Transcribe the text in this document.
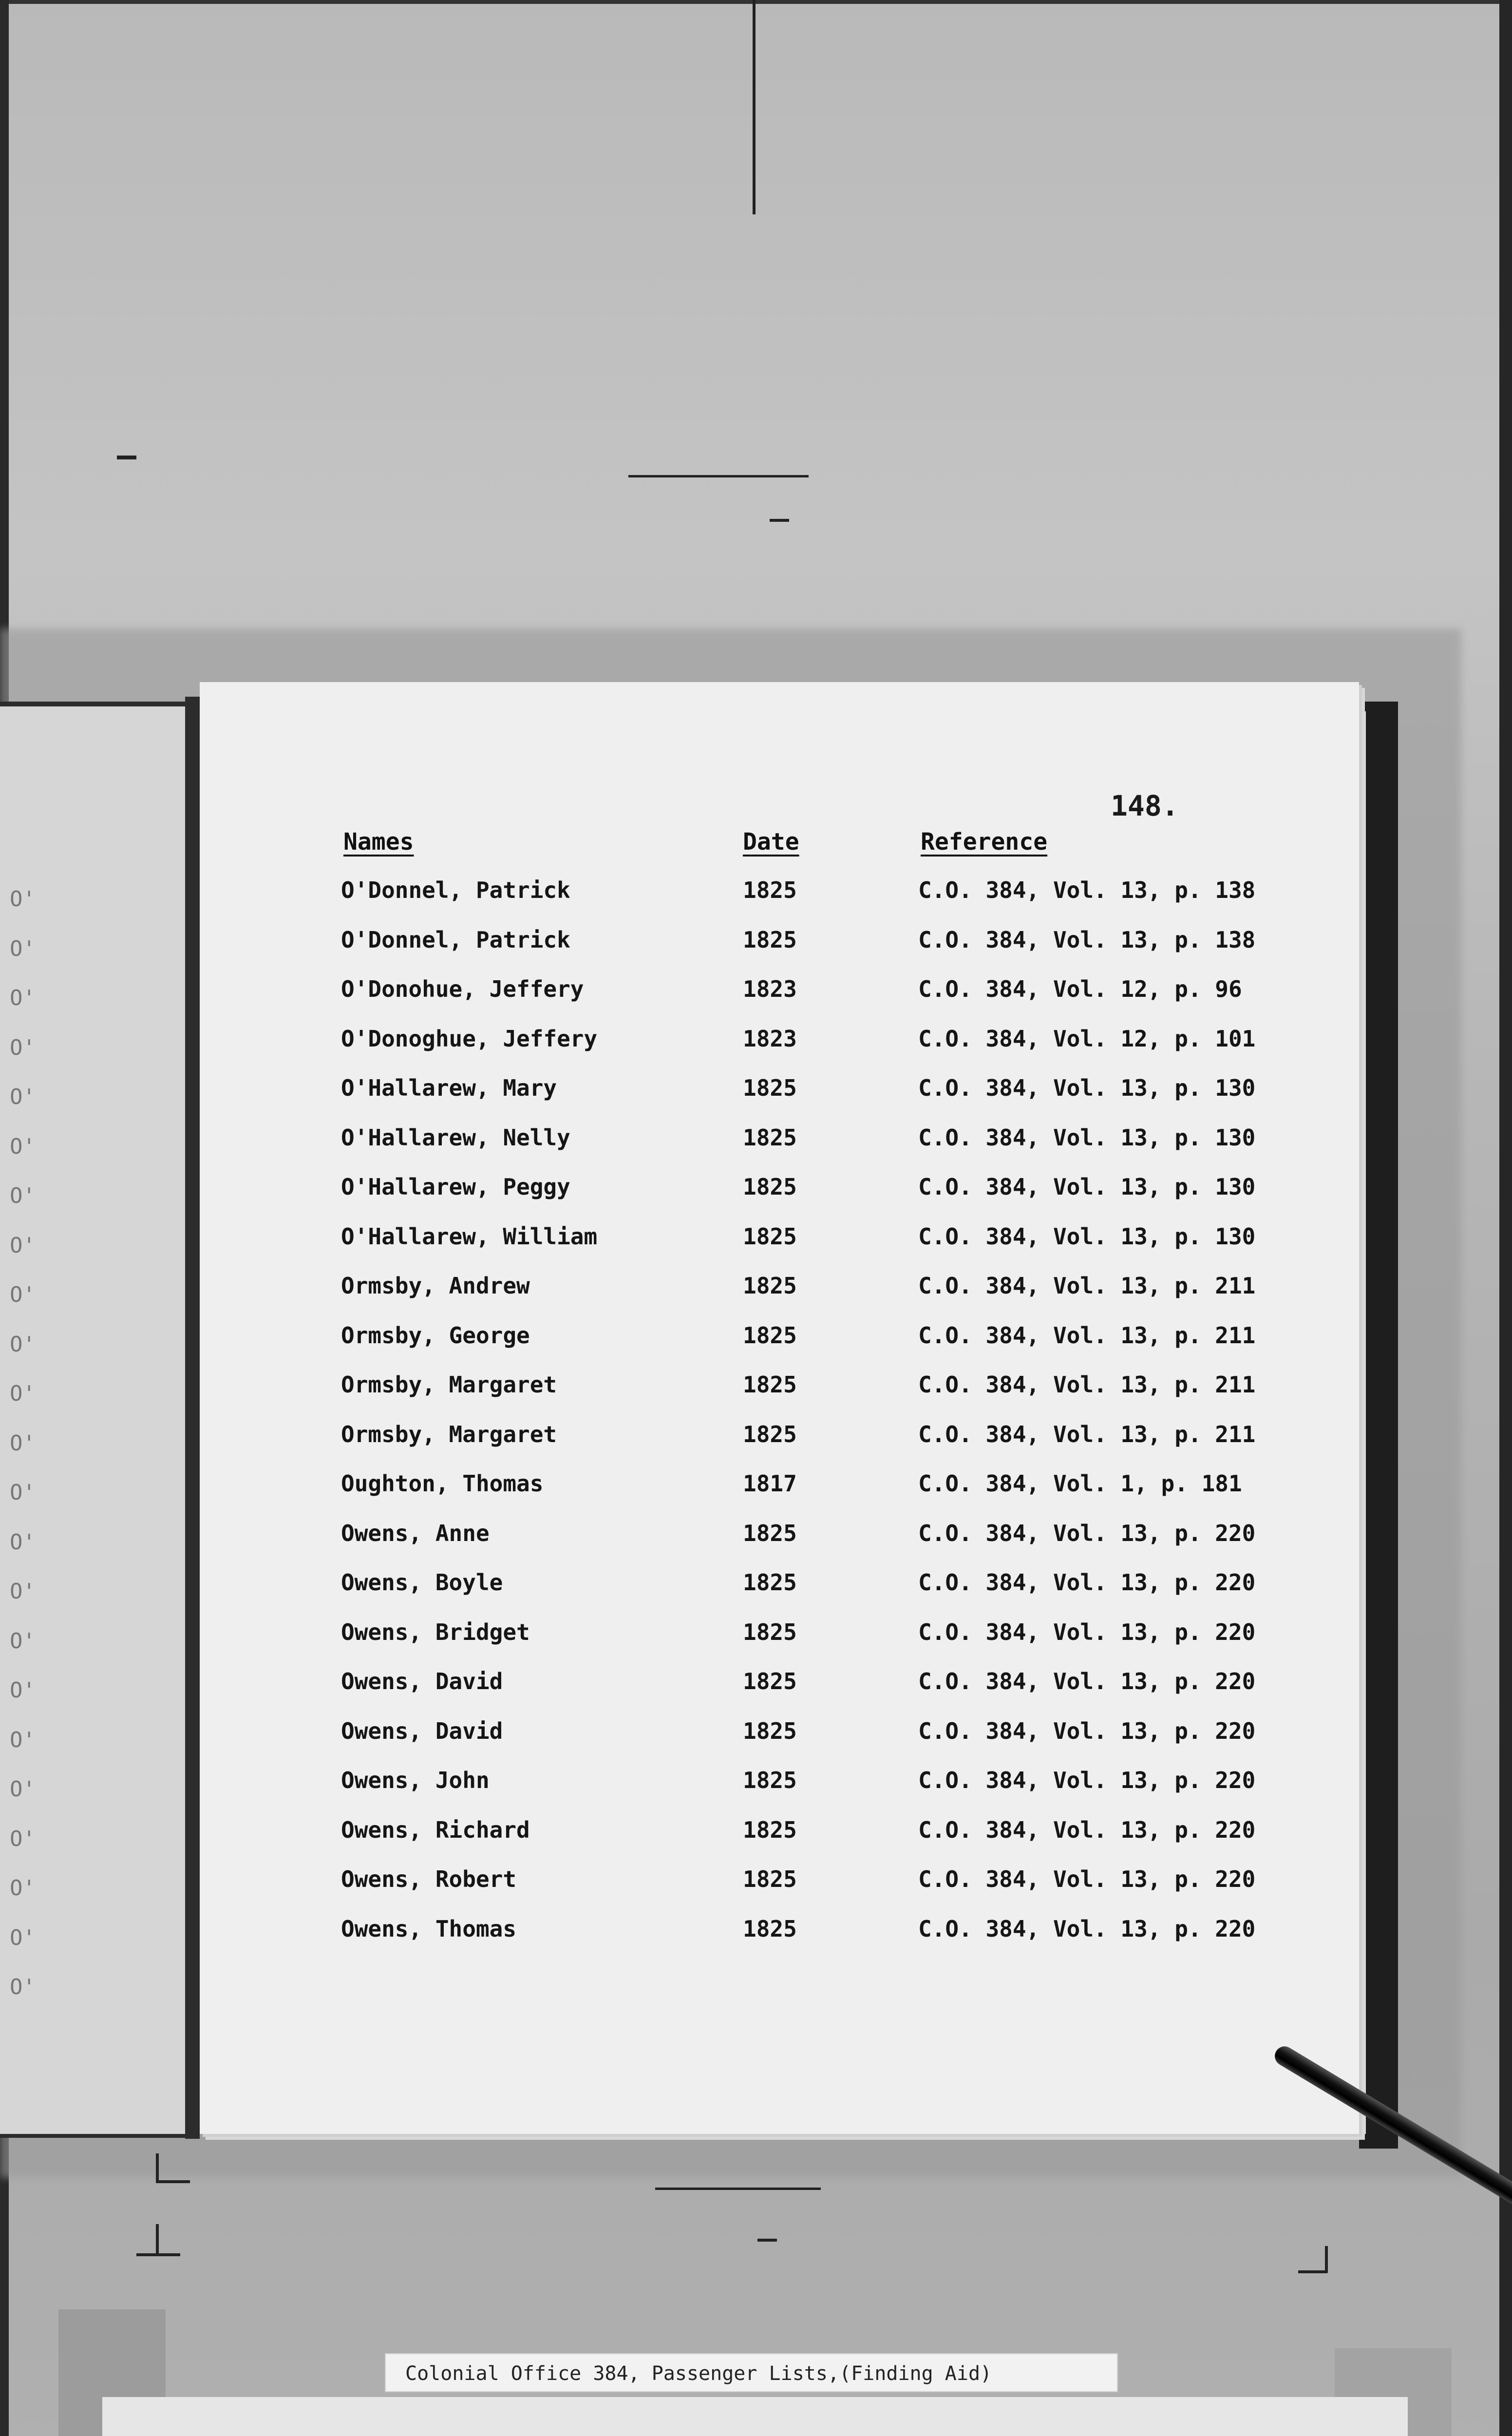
O'
O'
O'
O'
O'
O'
O'
O'
O'
O'
O'
O'
O'
O'
O'
O'
O'
O'
O'
O'
O'
O'
O'
148.
Names	Date	Reference
O'Donnel, Patrick	1825	C.O. 384, Vol. 13, p. 138
O'Donnel, Patrick	1825	C.O. 384, Vol. 13, p. 138
O'Donohue, Jeffery	1823	C.O. 384, Vol. 12, p. 96
O'Donoghue, Jeffery	1823	C.O. 384, Vol. 12, p. 101
O'Hallarew, Mary	1825	C.O. 384, Vol. 13, p. 130
O'Hallarew, Nelly	1825	C.O. 384, Vol. 13, p. 130
O'Hallarew, Peggy	1825	C.O. 384, Vol. 13, p. 130
O'Hallarew, William	1825	C.O. 384, Vol. 13, p. 130
Ormsby, Andrew	1825	C.O. 384, Vol. 13, p. 211
Ormsby, George	1825	C.O. 384, Vol. 13, p. 211
Ormsby, Margaret	1825	C.O. 384, Vol. 13, p. 211
Ormsby, Margaret	1825	C.O. 384, Vol. 13, p. 211
Oughton, Thomas	1817	C.O. 384, Vol. 1, p. 181
Owens, Anne	1825	C.O. 384, Vol. 13, p. 220
Owens, Boyle	1825	C.O. 384, Vol. 13, p. 220
Owens, Bridget	1825	C.O. 384, Vol. 13, p. 220
Owens, David	1825	C.O. 384, Vol. 13, p. 220
Owens, David	1825	C.O. 384, Vol. 13, p. 220
Owens, John	1825	C.O. 384, Vol. 13, p. 220
Owens, Richard	1825	C.O. 384, Vol. 13, p. 220
Owens, Robert	1825	C.O. 384, Vol. 13, p. 220
Owens, Thomas	1825	C.O. 384, Vol. 13, p. 220
Colonial Office 384, Passenger Lists,(Finding Aid)
